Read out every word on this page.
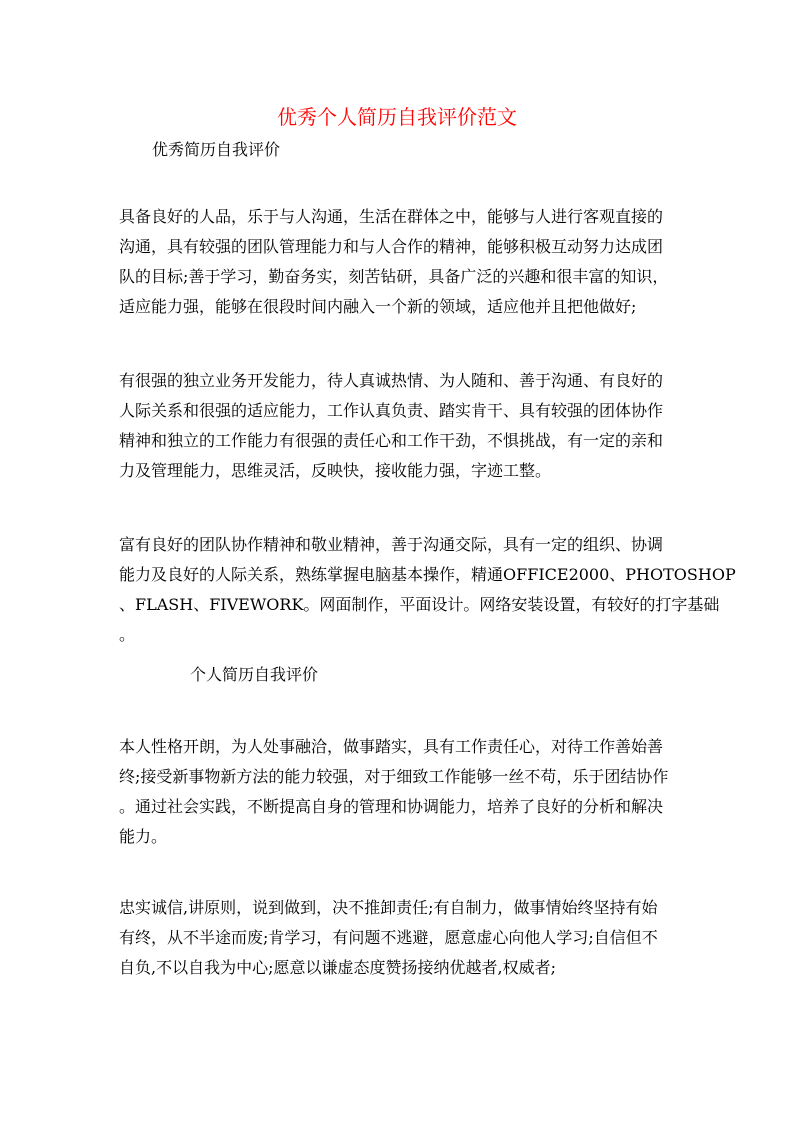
优秀个人简历自我评价范文
优秀简历自我评价
具备良好的人品，乐于与人沟通，生活在群体之中，能够与人进行客观直接的
沟通，具有较强的团队管理能力和与人合作的精神，能够积极互动努力达成团
队的目标;善于学习，勤奋务实，刻苦钻研，具备广泛的兴趣和很丰富的知识，
适应能力强，能够在很段时间内融入一个新的领域，适应他并且把他做好;
有很强的独立业务开发能力，待人真诚热情、为人随和、善于沟通、有良好的
人际关系和很强的适应能力，工作认真负责、踏实肯干、具有较强的团体协作
精神和独立的工作能力有很强的责任心和工作干劲，不惧挑战，有一定的亲和
力及管理能力，思维灵活，反映快，接收能力强，字迹工整。
富有良好的团队协作精神和敬业精神，善于沟通交际，具有一定的组织、协调
能力及良好的人际关系，熟练掌握电脑基本操作，精通OFFICE2000、PHOTOSHOP
、FLASH、FIVEWORK。网面制作，平面设计。网络安装设置，有较好的打字基础
。
个人简历自我评价
本人性格开朗，为人处事融洽，做事踏实，具有工作责任心，对待工作善始善
终;接受新事物新方法的能力较强，对于细致工作能够一丝不苟，乐于团结协作
。通过社会实践，不断提高自身的管理和协调能力，培养了良好的分析和解决
能力。
忠实诚信,讲原则，说到做到，决不推卸责任;有自制力，做事情始终坚持有始
有终，从不半途而废;肯学习，有问题不逃避，愿意虚心向他人学习;自信但不
自负,不以自我为中心;愿意以谦虚态度赞扬接纳优越者,权威者;
